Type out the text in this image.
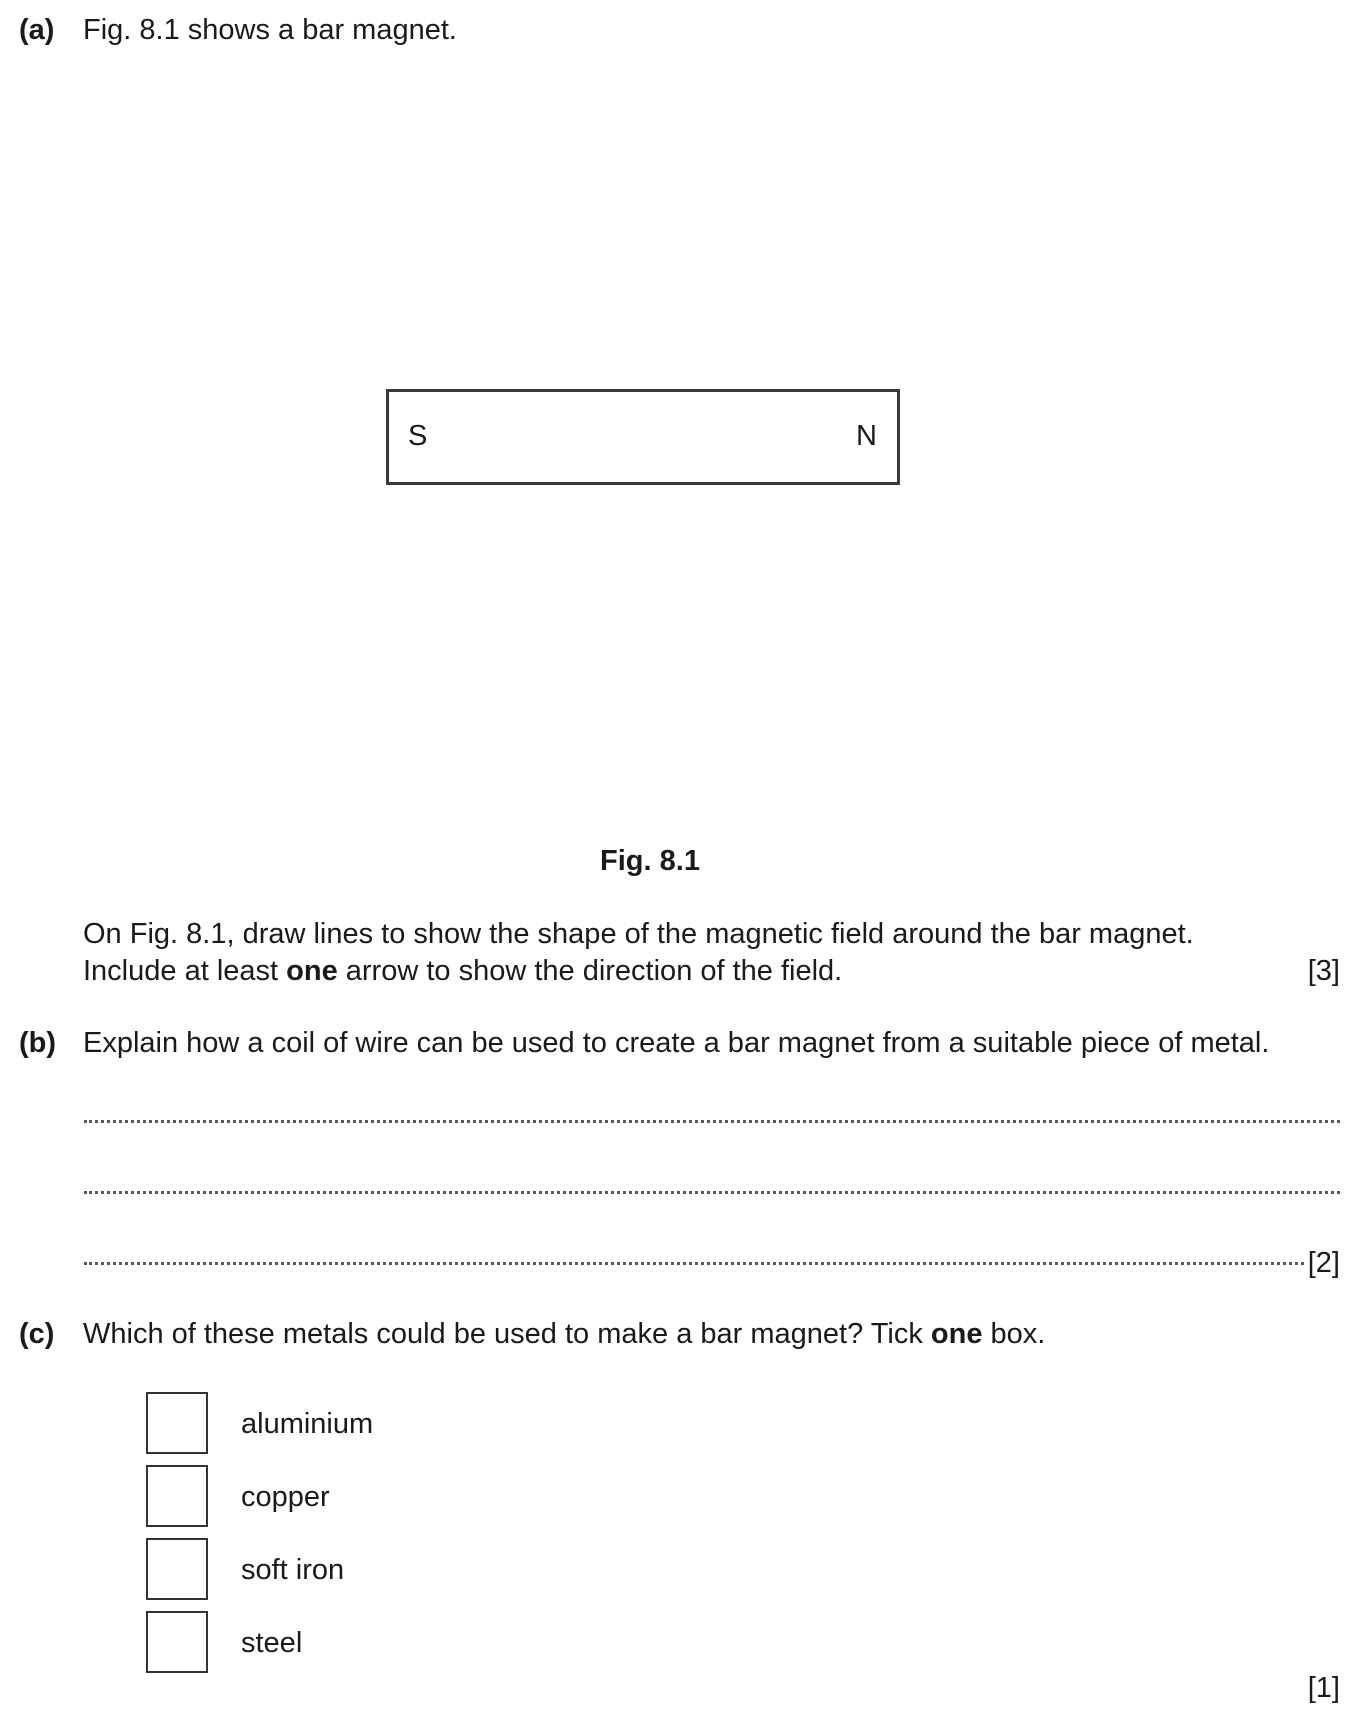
(a) Fig. 8.1 shows a bar magnet.
S	N
Fig. 8.1
On Fig. 8.1, draw lines to show the shape of the magnetic field around the bar magnet.
Include at least one arrow to show the direction of the field.	[3]
(b) Explain how a coil of wire can be used to create a bar magnet from a suitable piece of metal.
[2]
(c) Which of these metals could be used to make a bar magnet? Tick one box.
aluminium
copper
soft iron
steel
[1]
